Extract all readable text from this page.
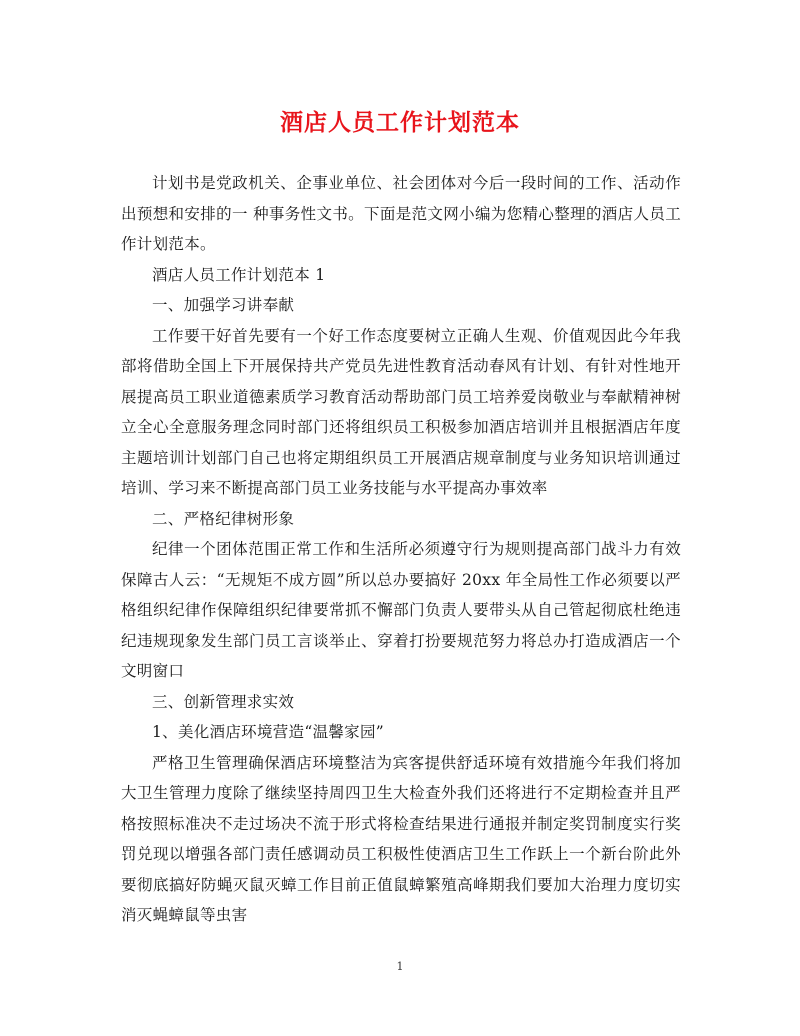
酒店人员工作计划范本

计划书是党政机关、企事业单位、社会团体对今后一段时间的工作、活动作出预想和安排的一 种事务性文书。下面是范文网小编为您精心整理的酒店人员工作计划范本。

酒店人员工作计划范本 1

一、加强学习讲奉献

工作要干好首先要有一个好工作态度要树立正确人生观、价值观因此今年我部将借助全国上下开展保持共产党员先进性教育活动春风有计划、有针对性地开展提高员工职业道德素质学习教育活动帮助部门员工培养爱岗敬业与奉献精神树立全心全意服务理念同时部门还将组织员工积极参加酒店培训并且根据酒店年度主题培训计划部门自己也将定期组织员工开展酒店规章制度与业务知识培训通过培训、学习来不断提高部门员工业务技能与水平提高办事效率

二、严格纪律树形象

纪律一个团体范围正常工作和生活所必须遵守行为规则提高部门战斗力有效保障古人云：“无规矩不成方圆”所以总办要搞好 20xx 年全局性工作必须要以严格组织纪律作保障组织纪律要常抓不懈部门负责人要带头从自己管起彻底杜绝违纪违规现象发生部门员工言谈举止、穿着打扮要规范努力将总办打造成酒店一个文明窗口

三、创新管理求实效

1、美化酒店环境营造“温馨家园”

严格卫生管理确保酒店环境整洁为宾客提供舒适环境有效措施今年我们将加大卫生管理力度除了继续坚持周四卫生大检查外我们还将进行不定期检查并且严格按照标准决不走过场决不流于形式将检查结果进行通报并制定奖罚制度实行奖罚兑现以增强各部门责任感调动员工积极性使酒店卫生工作跃上一个新台阶此外要彻底搞好防蝇灭鼠灭蟑工作目前正值鼠蟑繁殖高峰期我们要加大治理力度切实消灭蝇蟑鼠等虫害

1
